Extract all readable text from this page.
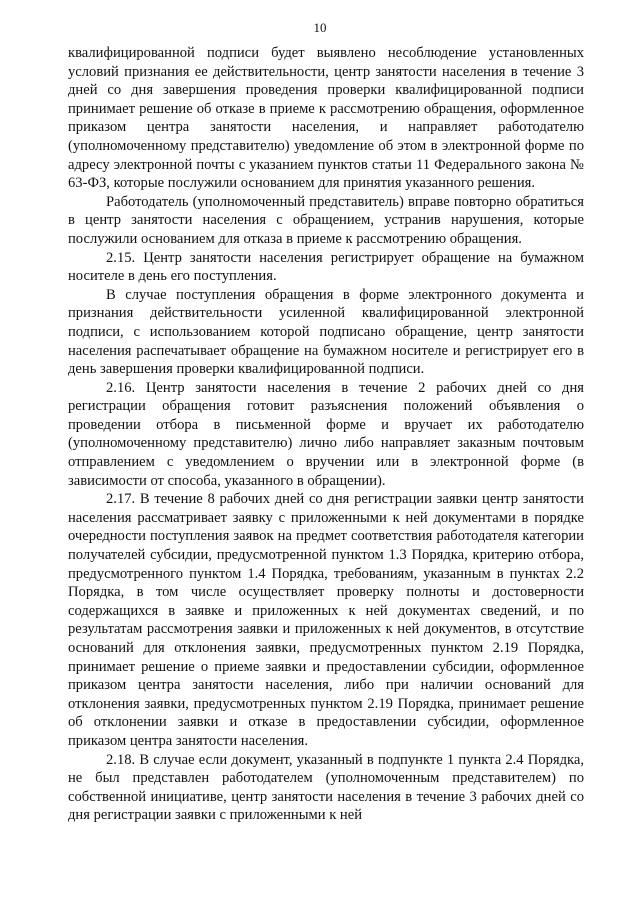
10

квалифицированной подписи будет выявлено несоблюдение установленных условий признания ее действительности, центр занятости населения в течение 3 дней со дня завершения проведения проверки квалифицированной подписи принимает решение об отказе в приеме к рассмотрению обращения, оформленное приказом центра занятости населения, и направляет работодателю (уполномоченному представителю) уведомление об этом в электронной форме по адресу электронной почты с указанием пунктов статьи 11 Федерального закона № 63-ФЗ, которые послужили основанием для принятия указанного решения.

Работодатель (уполномоченный представитель) вправе повторно обратиться в центр занятости населения с обращением, устранив нарушения, которые послужили основанием для отказа в приеме к рассмотрению обращения.

2.15. Центр занятости населения регистрирует обращение на бумажном носителе в день его поступления.

В случае поступления обращения в форме электронного документа и признания действительности усиленной квалифицированной электронной подписи, с использованием которой подписано обращение, центр занятости населения распечатывает обращение на бумажном носителе и регистрирует его в день завершения проверки квалифицированной подписи.

2.16. Центр занятости населения в течение 2 рабочих дней со дня регистрации обращения готовит разъяснения положений объявления о проведении отбора в письменной форме и вручает их работодателю (уполномоченному представителю) лично либо направляет заказным почтовым отправлением с уведомлением о вручении или в электронной форме (в зависимости от способа, указанного в обращении).

2.17. В течение 8 рабочих дней со дня регистрации заявки центр занятости населения рассматривает заявку с приложенными к ней документами в порядке очередности поступления заявок на предмет соответствия работодателя категории получателей субсидии, предусмотренной пунктом 1.3 Порядка, критерию отбора, предусмотренного пунктом 1.4 Порядка, требованиям, указанным в пунктах 2.2 Порядка, в том числе осуществляет проверку полноты и достоверности содержащихся в заявке и приложенных к ней документах сведений, и по результатам рассмотрения заявки и приложенных к ней документов, в отсутствие оснований для отклонения заявки, предусмотренных пунктом 2.19 Порядка, принимает решение о приеме заявки и предоставлении субсидии, оформленное приказом центра занятости населения, либо при наличии оснований для отклонения заявки, предусмотренных пунктом 2.19 Порядка, принимает решение об отклонении заявки и отказе в предоставлении субсидии, оформленное приказом центра занятости населения.

2.18. В случае если документ, указанный в подпункте 1 пункта 2.4 Порядка, не был представлен работодателем (уполномоченным представителем) по собственной инициативе, центр занятости населения в течение 3 рабочих дней со дня регистрации заявки с приложенными к ней
